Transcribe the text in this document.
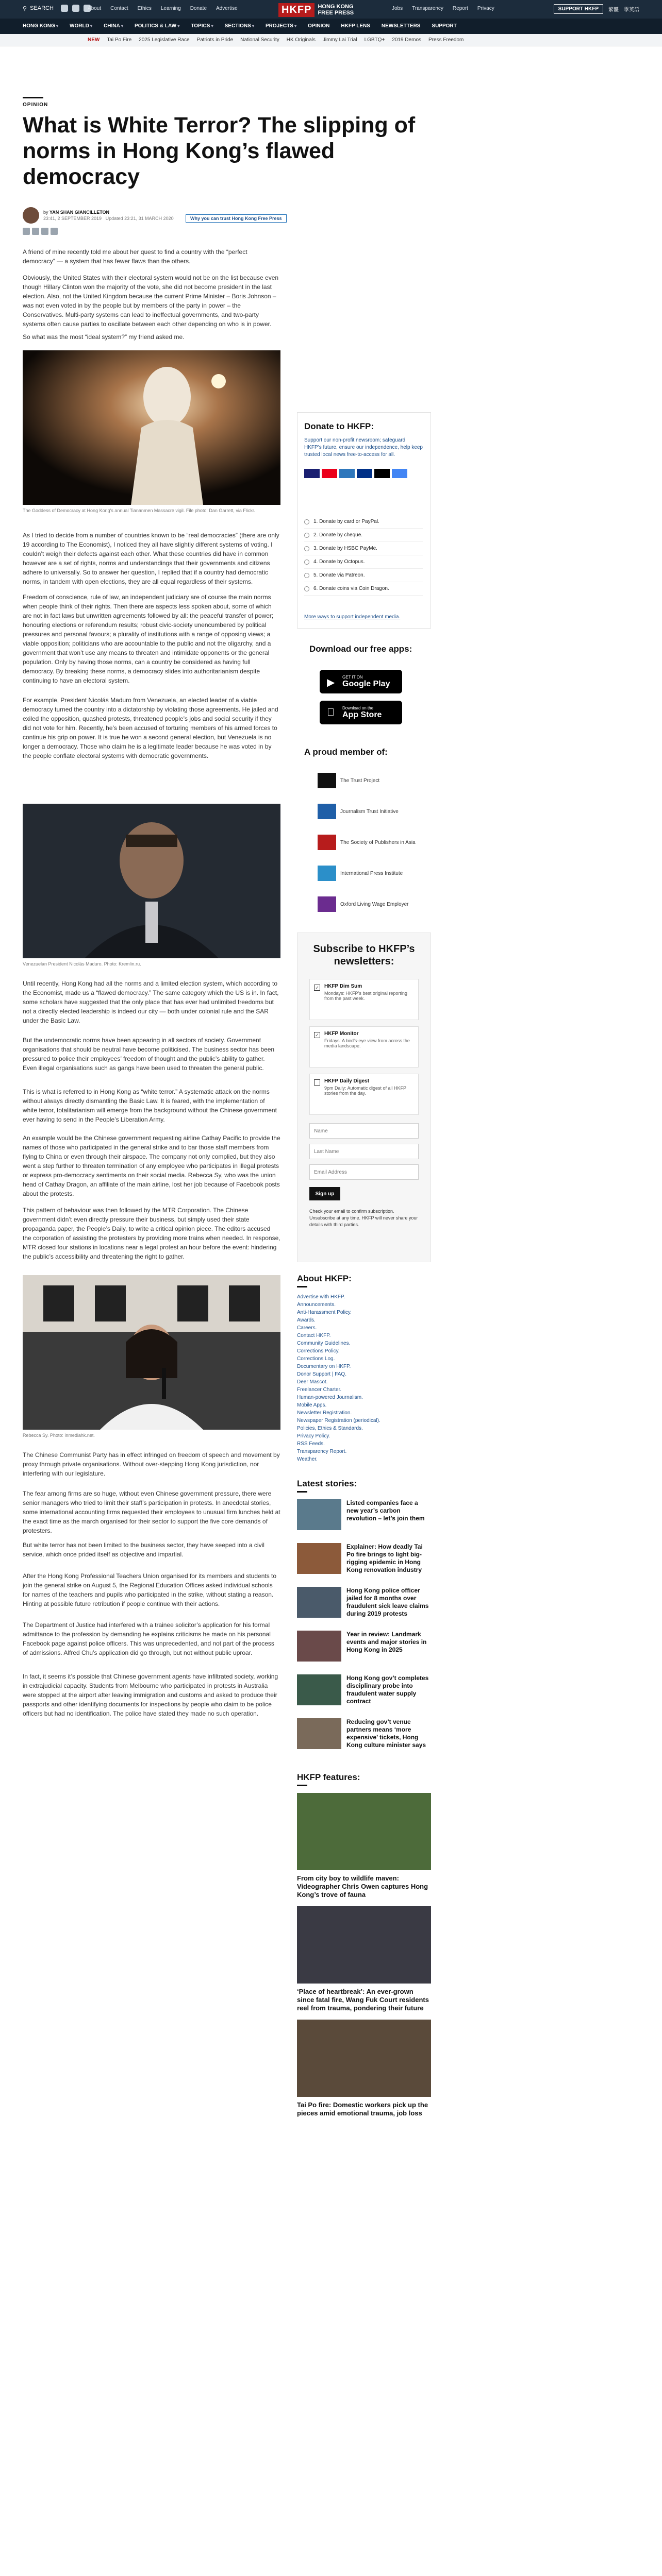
⚲ SEARCH	About Contact Ethics Learning Donate Advertise	HKFP	HONG KONG
FREE PRESS
Jobs Transparency Report Privacy	SUPPORT HKFP	繁體 學英語
HONG KONG ▾	WORLD ▾	CHINA ▾	POLITICS & LAW ▾	TOPICS ▾	SECTIONS ▾	PROJECTS ▾	OPINION HKFP LENS NEWSLETTERS SUPPORT
NEW Tai Po Fire 2025 Legislative Race Patriots in Pride National Security HK Originals Jimmy Lai Trial LGBTQ+ 2019 Demos Press Freedom
OPINION
What is White Terror? The slipping of norms in Hong Kong’s flawed democracy
by YAN SHAN GIANCILLETON
23:41, 2 SEPTEMBER 2019 Updated 23:21, 31 MARCH 2020	Why you can trust Hong Kong Free Press

A friend of mine recently told me about her quest to find a country with the “perfect democracy” — a system that has fewer flaws than the others.

Obviously, the United States with their electoral system would not be on the list because even though Hillary Clinton won the majority of the vote, she did not become president in the last election. Also, not the United Kingdom because the current Prime Minister – Boris Johnson – was not even voted in by the people but by members of the party in power – the Conservatives. Multi-party systems can lead to ineffectual governments, and two-party systems often cause parties to oscillate between each other depending on who is in power.

So what was the most “ideal system?” my friend asked me.

The Goddess of Democracy at Hong Kong's annual Tiananmen Massacre vigil. File photo: Dan Garrett, via Flickr.

As I tried to decide from a number of countries known to be “real democracies” (there are only 19 according to The Economist), I noticed they all have slightly different systems of voting. I couldn’t weigh their defects against each other. What these countries did have in common however are a set of rights, norms and understandings that their governments and citizens adhere to universally. So to answer her question, I replied that if a country had democratic norms, in tandem with open elections, they are all equal regardless of their systems.

Freedom of conscience, rule of law, an independent judiciary are of course the main norms when people think of their rights. Then there are aspects less spoken about, some of which are not in fact laws but unwritten agreements followed by all: the peaceful transfer of power; honouring elections or referendum results; robust civic-society unencumbered by political pressures and personal favours; a plurality of institutions with a range of opposing views; a viable opposition; politicians who are accountable to the public and not the oligarchy, and a government that won’t use any means to threaten and intimidate opponents or the general population. Only by having those norms, can a country be considered as having full democracy. By breaking these norms, a democracy slides into authoritarianism despite continuing to have an electoral system.

For example, President Nicolás Maduro from Venezuela, an elected leader of a viable democracy turned the country into a dictatorship by violating those agreements. He jailed and exiled the opposition, quashed protests, threatened people’s jobs and social security if they did not vote for him. Recently, he’s been accused of torturing members of his armed forces to continue his grip on power. It is true he won a second general election, but Venezuela is no longer a democracy. Those who claim he is a legitimate leader because he was voted in by the people conflate electoral systems with democratic governments.

Venezuelan President Nicolás Maduro. Photo: Kremlin.ru.

Until recently, Hong Kong had all the norms and a limited election system, which according to the Economist, made us a “flawed democracy.” The same category which the US is in. In fact, some scholars have suggested that the only place that has ever had unlimited freedoms but not a directly elected leadership is indeed our city — both under colonial rule and the SAR under the Basic Law.

But the undemocratic norms have been appearing in all sectors of society. Government organisations that should be neutral have become politicised. The business sector has been pressured to police their employees’ freedom of thought and the public’s ability to gather. Even illegal organisations such as gangs have been used to threaten the general public.

This is what is referred to in Hong Kong as “white terror.” A systematic attack on the norms without always directly dismantling the Basic Law. It is feared, with the implementation of white terror, totalitarianism will emerge from the background without the Chinese government ever having to send in the People’s Liberation Army.

An example would be the Chinese government requesting airline Cathay Pacific to provide the names of those who participated in the general strike and to bar those staff members from flying to China or even through their airspace. The company not only complied, but they also went a step further to threaten termination of any employee who participates in illegal protests or express pro-democracy sentiments on their social media. Rebecca Sy, who was the union head of Cathay Dragon, an affiliate of the main airline, lost her job because of Facebook posts about the protests.

This pattern of behaviour was then followed by the MTR Corporation. The Chinese government didn’t even directly pressure their business, but simply used their state propaganda paper, the People’s Daily, to write a critical opinion piece. The editors accused the corporation of assisting the protesters by providing more trains when needed. In response, MTR closed four stations in locations near a legal protest an hour before the event: hindering the public’s accessibility and threatening the right to gather.

Rebecca Sy. Photo: inmediahk.net.

The Chinese Communist Party has in effect infringed on freedom of speech and movement by proxy through private organisations. Without over-stepping Hong Kong jurisdiction, nor interfering with our legislature.

The fear among firms are so huge, without even Chinese government pressure, there were senior managers who tried to limit their staff’s participation in protests. In anecdotal stories, some international accounting firms requested their employees to unusual firm lunches held at the exact time as the march organised for their sector to support the five core demands of protesters.

But white terror has not been limited to the business sector, they have seeped into a civil service, which once prided itself as objective and impartial.

After the Hong Kong Professional Teachers Union organised for its members and students to join the general strike on August 5, the Regional Education Offices asked individual schools for names of the teachers and pupils who participated in the strike, without stating a reason. Hinting at possible future retribution if people continue with their actions.

The Department of Justice had interfered with a trainee solicitor’s application for his formal admittance to the profession by demanding he explains criticisms he made on his personal Facebook page against police officers. This was unprecedented, and not part of the process of admissions. Alfred Chu’s application did go through, but not without public uproar.

In fact, it seems it’s possible that Chinese government agents have infiltrated society, working in extrajudicial capacity. Students from Melbourne who participated in protests in Australia were stopped at the airport after leaving immigration and customs and asked to produce their passports and other identifying documents for inspections by people who claim to be police officers but had no identification. The police have stated they made no such operation.

Donate to HKFP:

Support our non-profit newsroom; safeguard HKFP’s future, ensure our independence, help keep trusted local news free-to-access for all.

1. Donate by card or PayPal.
2. Donate by cheque.
3. Donate by HSBC PayMe.
4. Donate by Octopus.
5. Donate via Patreon.
6. Donate coins via Coin Dragon.
More ways to support independent media.
Download our free apps:
▶ GET IT ON
Google Play
Download on the
App Store
A proud member of:
The Trust Project
Journalism Trust Initiative
The Society of Publishers in Asia
International Press Institute
Oxford Living Wage Employer
Subscribe to HKFP’s newsletters:
✓ HKFP Dim Sum
Mondays: HKFP’s best original reporting from the past week.
✓ HKFP Monitor
Fridays: A bird’s-eye view from across the media landscape.
HKFP Daily Digest
9pm Daily: Automatic digest of all HKFP stories from the day.
Name
Last Name
Email Address
Sign up

Check your email to confirm subscription. Unsubscribe at any time. HKFP will never share your details with third parties.

About HKFP:
Advertise with HKFP.
Announcements.
Anti-Harassment Policy.
Awards.
Careers.
Contact HKFP.
Community Guidelines.
Corrections Policy.
Corrections Log.
Documentary on HKFP.
Donor Support | FAQ.
Deer Mascot.
Freelancer Charter.
Human-powered Journalism.
Mobile Apps.
Newsletter Registration.
Newspaper Registration (periodical).
Policies, Ethics & Standards.
Privacy Policy.
RSS Feeds.
Transparency Report.
Weather.
Latest stories:
Listed companies face a new year’s carbon revolution – let’s join them
Explainer: How deadly Tai Po fire brings to light big-rigging epidemic in Hong Kong renovation industry
Hong Kong police officer jailed for 8 months over fraudulent sick leave claims during 2019 protests
Year in review: Landmark events and major stories in Hong Kong in 2025
Hong Kong gov’t completes disciplinary probe into fraudulent water supply contract
Reducing gov’t venue partners means ‘more expensive’ tickets, Hong Kong culture minister says
HKFP features:
From city boy to wildlife maven: Videographer Chris Owen captures Hong Kong’s trove of fauna
‘Place of heartbreak’: An ever-grown since fatal fire, Wang Fuk Court residents reel from trauma, pondering their future
Tai Po fire: Domestic workers pick up the pieces amid emotional trauma, job loss
